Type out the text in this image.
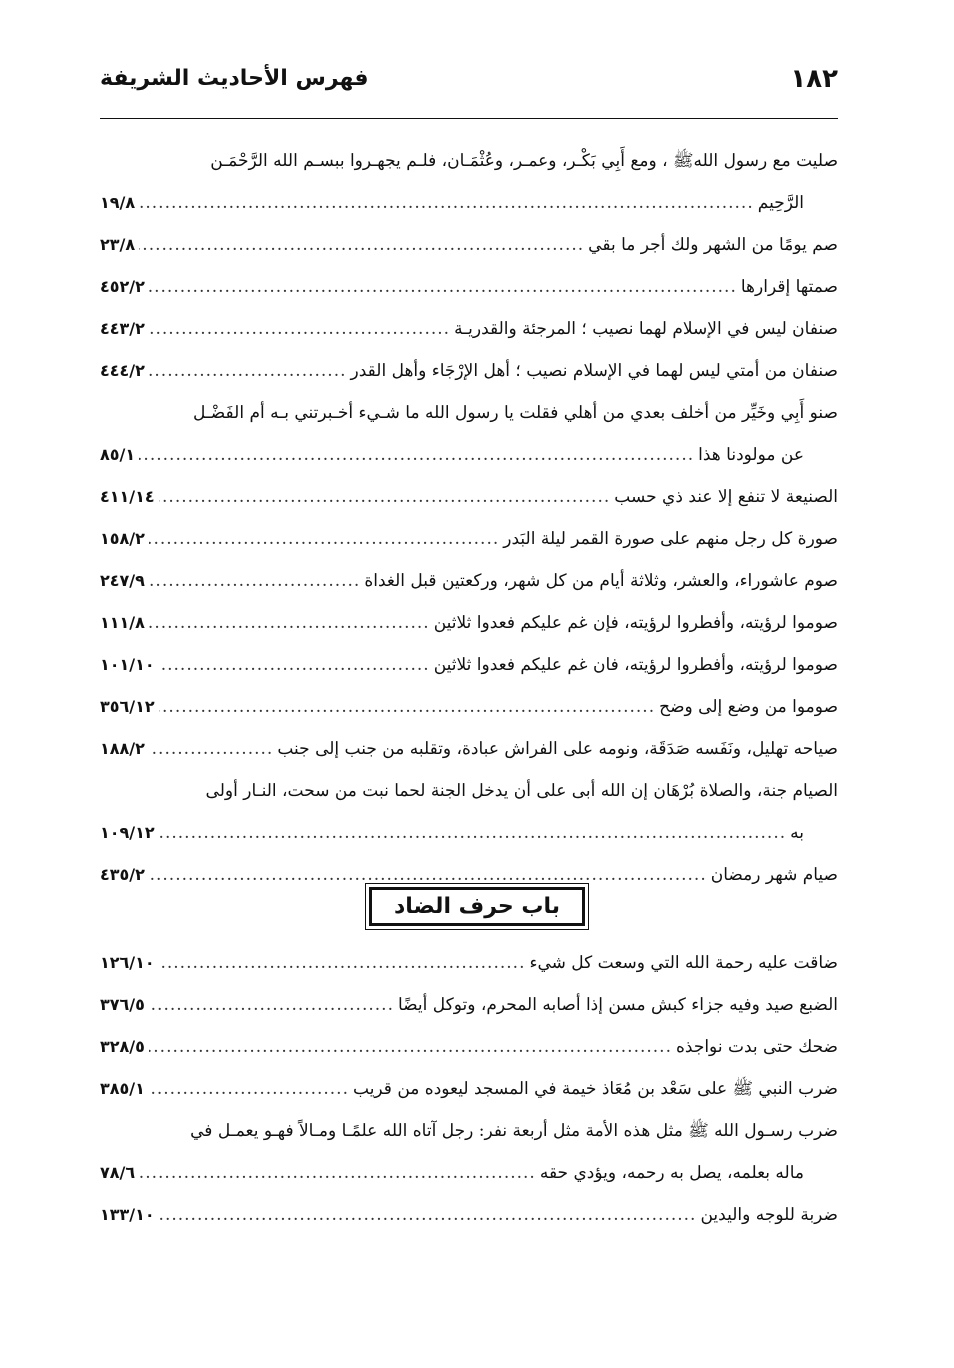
١٨٢
فهرس الأحاديث الشريفة
صليت مع رسول اللهﷺ ، ومع أَبِي بَكْـر، وعمـر، وعُثْمَـان، فلـم يجهـروا ببسـم الله الرَّحْمَـن
الرَّحِيم
.....
١٩/٨
صم يومًا من الشهر ولك أجر ما بقي
.....
٢٣/٨
صمتها إقرارها
.....
٤٥٢/٢
صنفان ليس في الإسلام لهما نصيب ؛ المرجئة والقدريـة
.....
٤٤٣/٢
صنفان من أمتي ليس لهما في الإسلام نصيب ؛ أهل الإرْجَاء وأهل القدر
.....
٤٤٤/٢
صنو أَبِي وخَيِّر من أخلف بعدي من أهلي فقلت يا رسول الله ما شـيء أخـبرتني بـه أم الفَضْـل
عن مولودنا هذا
.....
٨٥/١
الصنيعة لا تنفع إلا عند ذي حسب
.....
٤١١/١٤
صورة كل رجل منهم على صورة القمر ليلة البَدر
.....
١٥٨/٢
صوم عاشوراء، والعشر، وثلاثة أيام من كل شهر، وركعتين قبل الغداة
.....
٢٤٧/٩
صوموا لرؤيته، وأفطروا لرؤيته، فإن غم عليكم فعدوا ثلاثين
.....
١١١/٨
صوموا لرؤيته، وأفطروا لرؤيته، فان غم عليكم فعدوا ثلاثين
.....
١٠١/١٠
صوموا من وضع إلى وضح
.....
٣٥٦/١٢
صياحه تهليل، ونَفَسه صَدَقَة، ونومه على الفراش عبادة، وتقلبه من جنب إلى جنب
.....
١٨٨/٢
الصيام جنة، والصلاة بُرْهَان إن الله أبى على أن يدخل الجنة لحما نبت من سحت، النـار أولى
به
.....
١٠٩/١٢
صيام شهر رمضان
.....
٤٣٥/٢
باب حرف الضاد
ضاقت عليه رحمة الله التي وسعت كل شيء
.....
١٢٦/١٠
الضبع صيد وفيه جزاء كبش مسن إذا أصابه المحرم، وتوكل أيضًا
.....
٣٧٦/٥
ضحك حتى بدت نواجذه
.....
٣٢٨/٥
ضرب النبي ﷺ على سَعْد بن مُعَاذ خيمة في المسجد ليعوده من قريب
.....
٣٨٥/١
ضرب رسـول الله ﷺ مثل هذه الأمة مثل أربعة نفر: رجل آتاه الله علمًـا ومـالاً فهـو يعمـل في
ماله بعلمه، يصل به رحمه، ويؤدي حقه
.....
٧٨/٦
ضربة للوجه واليدين
.....
١٣٣/١٠
